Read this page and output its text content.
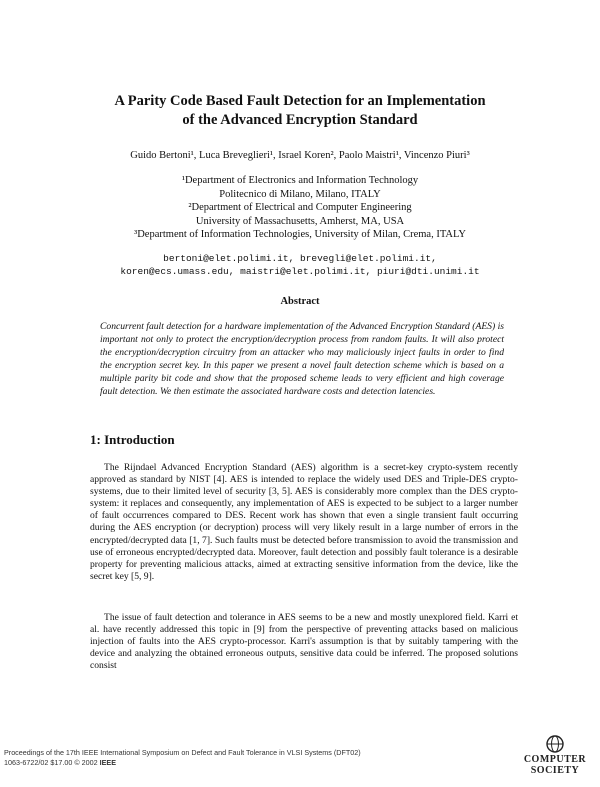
A Parity Code Based Fault Detection for an Implementation
of the Advanced Encryption Standard

Guido Bertoni¹, Luca Breveglieri¹, Israel Koren², Paolo Maistri¹, Vincenzo Piuri³

¹Department of Electronics and Information Technology
Politecnico di Milano, Milano, ITALY
²Department of Electrical and Computer Engineering
University of Massachusetts, Amherst, MA, USA
³Department of Information Technologies, University of Milan, Crema, ITALY
bertoni@elet.polimi.it, brevegli@elet.polimi.it,
koren@ecs.umass.edu, maistri@elet.polimi.it, piuri@dti.unimi.it
Abstract

Concurrent fault detection for a hardware implementation of the Advanced Encryption Standard (AES) is important not only to protect the encryption/decryption process from random faults. It will also protect the encryption/decryption circuitry from an attacker who may maliciously inject faults in order to find the encryption secret key. In this paper we present a novel fault detection scheme which is based on a multiple parity bit code and show that the proposed scheme leads to very efficient and high coverage fault detection. We then estimate the associated hardware costs and detection latencies.

1: Introduction

The Rijndael Advanced Encryption Standard (AES) algorithm is a secret-key crypto-system recently approved as standard by NIST [4]. AES is intended to replace the widely used DES and Triple-DES crypto-systems, due to their limited level of security [3, 5]. AES is considerably more complex than the DES crypto-system: it replaces and consequently, any implementation of AES is expected to be subject to a larger number of fault occurrences compared to DES. Recent work has shown that even a single transient fault occurring during the AES encryption (or decryption) process will very likely result in a large number of errors in the encrypted/decrypted data [1, 7]. Such faults must be detected before transmission to avoid the transmission and use of erroneous encrypted/decrypted data. Moreover, fault detection and possibly fault tolerance is a desirable property for preventing malicious attacks, aimed at extracting sensitive information from the device, like the secret key [5, 9].

The issue of fault detection and tolerance in AES seems to be a new and mostly unexplored field. Karri et al. have recently addressed this topic in [9] from the perspective of preventing attacks based on malicious injection of faults into the AES crypto-processor. Karri's assumption is that by suitably tampering with the device and analyzing the obtained erroneous outputs, sensitive data could be inferred. The proposed solutions consist

Proceedings of the 17th IEEE International Symposium on Defect and Fault Tolerance in VLSI Systems (DFT02)
1063-6722/02 $17.00 © 2002 IEEE	COMPUTER
SOCIETY
